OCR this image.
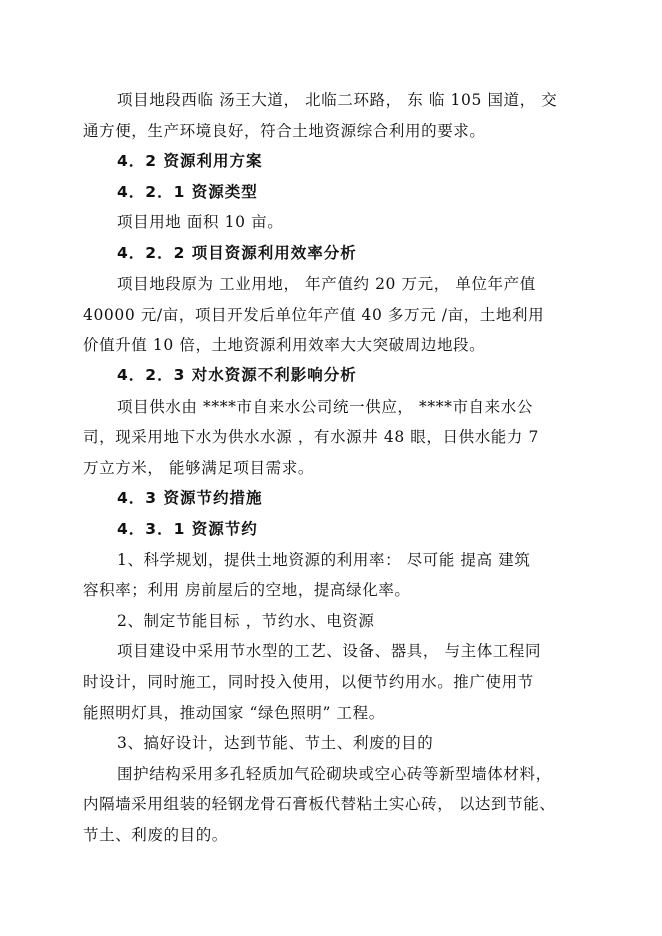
项目地段西临 汤王大道， 北临二环路， 东 临 105 国道， 交
通方便，生产环境良好，符合土地资源综合利用的要求。
4．2 资源利用方案
4．2．1 资源类型
项目用地 面积 10 亩。
4．2．2 项目资源利用效率分析
项目地段原为 工业用地， 年产值约 20 万元， 单位年产值
40000 元/亩，项目开发后单位年产值 40 多万元 /亩，土地利用
价值升值 10 倍，土地资源利用效率大大突破周边地段。
4．2．3 对水资源不利影响分析
项目供水由 ****市自来水公司统一供应， ****市自来水公
司，现采用地下水为供水水源 ，有水源井 48 眼，日供水能力 7
万立方米， 能够满足项目需求。
4．3 资源节约措施
4．3．1 资源节约
1、科学规划，提供土地资源的利用率： 尽可能 提高 建筑
容积率；利用 房前屋后的空地，提高绿化率。
2、制定节能目标 ，节约水、电资源
项目建设中采用节水型的工艺、设备、器具， 与主体工程同
时设计，同时施工，同时投入使用，以便节约用水。推广使用节
能照明灯具，推动国家 “绿色照明” 工程。
3、搞好设计，达到节能、节土、利废的目的
围护结构采用多孔轻质加气砼砌块或空心砖等新型墙体材料，
内隔墙采用组装的轻钢龙骨石膏板代替粘土实心砖， 以达到节能、
节土、利废的目的。
